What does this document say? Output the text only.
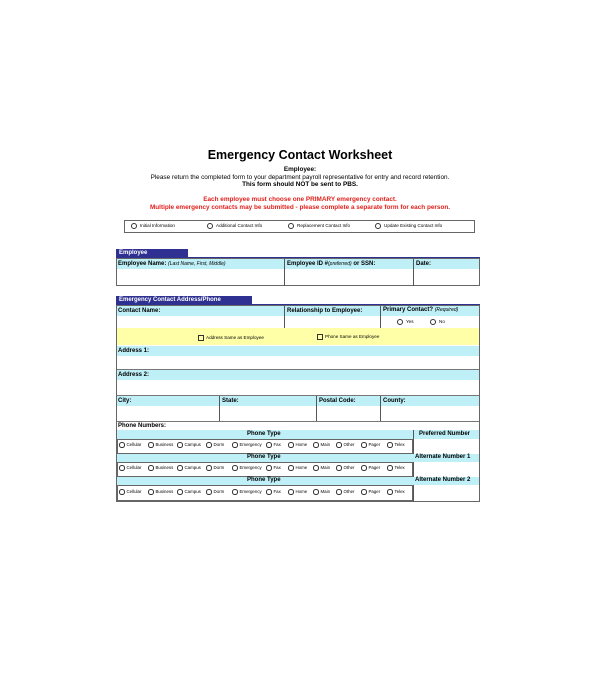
Emergency Contact Worksheet
Employee:
Please return the completed form to your department payroll representative for entry and record retention.
This form should NOT be sent to PBS.
Each employee must choose one PRIMARY emergency contact.
Multiple emergency contacts may be submitted - please complete a separate form for each person.
Initial Information	Additional Contact Info	Replacement Contact Info	Update Existing Contact Info
Employee
Employee Name: (Last Name, First, Middle)	Employee ID #(preferred) or SSN:	Date:
Emergency Contact Address/Phone
Contact Name:	Relationship to Employee:	Primary Contact? (Required)
Yes	No
Address Same as Employee	Phone Same as Employee
Address 1:
Address 2:
City:	State:	Postal Code:	County:
Phone Numbers:
Phone Type	Preferred Number
Cellular	Business	Campus	Dorm	Emergency	Fax	Home	Main	Other	Pager	Telex
Phone Type	Alternate Number 1
Cellular	Business	Campus	Dorm	Emergency	Fax	Home	Main	Other	Pager	Telex
Phone Type	Alternate Number 2
Cellular	Business	Campus	Dorm	Emergency	Fax	Home	Main	Other	Pager	Telex
